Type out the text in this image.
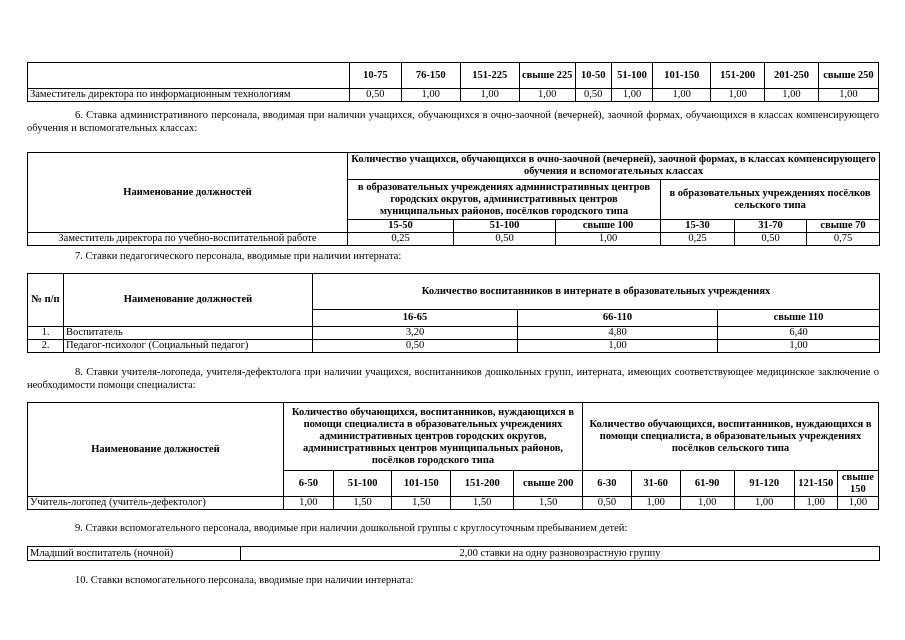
	10-75	76-150	151-225	свыше 225	10-50	51-100	101-150	151-200	201-250	свыше 250
Заместитель директора по информационным технологиям	0,50	1,00	1,00	1,00	0,50	1,00	1,00	1,00	1,00	1,00
6. Ставка административного персонала, вводимая при наличии учащихся, обучающихся в очно-заочной (вечерней), заочной формах, обучающихся в классах компенсирующего обучения и вспомогательных классах:
Наименование должностей	Количество учащихся, обучающихся в очно-заочной (вечерней), заочной формах, в классах компенсирующего обучения и вспомогательных классах					
	в образовательных учреждениях административных центров городских округов, административных центров муниципальных районов, посёлков городского типа			в образовательных учреждениях посёлков сельского типа		
	15-50	51-100	свыше 100	15-30	31-70	свыше 70
Заместитель директора по учебно-воспитательной работе	0,25	0,50	1,00	0,25	0,50	0,75
7. Ставки педагогического персонала, вводимые при наличии интерната:
№ п/п	Наименование должностей	Количество воспитанников в интернате в образовательных учреждениях		
		16-65	66-110	свыше 110
1.	Воспитатель	3,20	4,80	6,40
2.	Педагог-психолог (Социальный педагог)	0,50	1,00	1,00
8. Ставки учителя-логопеда, учителя-дефектолога при наличии учащихся, воспитанников дошкольных групп, интерната, имеющих соответствующее медицинское заключение о необходимости помощи специалиста:
Наименование должностей	Количество обучающихся, воспитанников, нуждающихся в помощи специалиста в образовательных учреждениях административных центров городских округов, административных центров муниципальных районов, посёлков городского типа					Количество обучающихся, воспитанников, нуждающихся в помощи специалиста, в образовательных учреждениях посёлков сельского типа					
	6-50	51-100	101-150	151-200	свыше 200	6-30	31-60	61-90	91-120	121-150	свыше 150
Учитель-логопед (учитель-дефектолог)	1,00	1,50	1,50	1,50	1,50	0,50	1,00	1,00	1,00	1,00	1,00
9. Ставки вспомогательного персонала, вводимые при наличии дошкольной группы с круглосуточным пребыванием детей:
Младший воспитатель (ночной)	2,00 ставки на одну разновозрастную группу
10. Ставки вспомогательного персонала, вводимые при наличии интерната:
